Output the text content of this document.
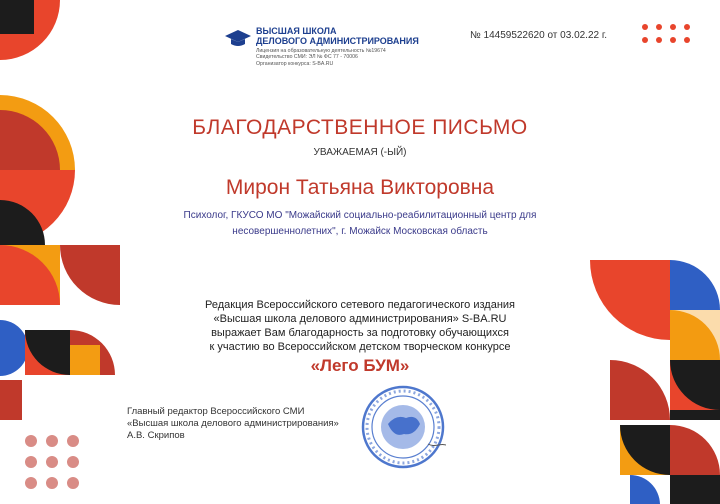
ВЫСШАЯ ШКОЛА
ДЕЛОВОГО АДМИНИСТРИРОВАНИЯ
Лицензия на образовательную деятельность №19674
Свидетельство СМИ: ЭЛ № ФС 77 - 70006
Организатор конкурса: S-BA.RU
№ 14459522620 от 03.02.22 г.
БЛАГОДАРСТВЕННОЕ ПИСЬМО
УВАЖАЕМАЯ (-ЫЙ)
Мирон Татьяна Викторовна
Психолог, ГКУСО МО "Можайский социально-реабилитационный центр для
несовершеннолетних", г. Можайск Московская область
Редакция Всероссийского сетевого педагогического издания
«Высшая школа делового администрирования» S-BA.RU
выражает Вам благодарность за подготовку обучающихся
к участию во Всероссийском детском творческом конкурсе
«Лего БУМ»
Главный редактор Всероссийского СМИ
«Высшая школа делового администрирования»
А.В. Скрипов
